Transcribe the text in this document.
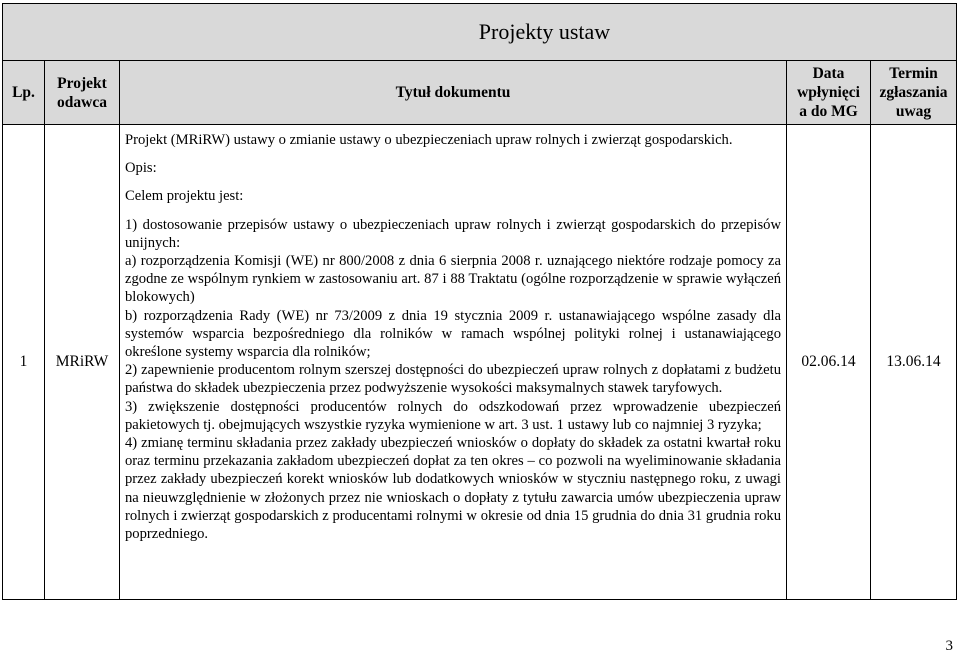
Projekty ustaw
Lp.
Projekt odawca
Tytuł dokumentu
Data wpłynięci a do MG
Termin zgłaszania uwag
1 MRiRW

Projekt (MRiRW) ustawy o zmianie ustawy o ubezpieczeniach upraw rolnych i zwierząt gospodarskich.

Opis:

Celem projektu jest:

1) dostosowanie przepisów ustawy o ubezpieczeniach upraw rolnych i zwierząt gospodarskich do przepisów unijnych:

a) rozporządzenia Komisji (WE) nr 800/2008 z dnia 6 sierpnia 2008 r. uznającego niektóre rodzaje pomocy za zgodne ze wspólnym rynkiem w zastosowaniu art. 87 i 88 Traktatu (ogólne rozporządzenie w sprawie wyłączeń blokowych)

b) rozporządzenia Rady (WE) nr 73/2009 z dnia 19 stycznia 2009 r. ustanawiającego wspólne zasady dla systemów wsparcia bezpośredniego dla rolników w ramach wspólnej polityki rolnej i ustanawiającego określone systemy wsparcia dla rolników;

2) zapewnienie producentom rolnym szerszej dostępności do ubezpieczeń upraw rolnych z dopłatami z budżetu państwa do składek ubezpieczenia przez podwyższenie wysokości maksymalnych stawek taryfowych.

3) zwiększenie dostępności producentów rolnych do odszkodowań przez wprowadzenie ubezpieczeń pakietowych tj. obejmujących wszystkie ryzyka wymienione w art. 3 ust. 1 ustawy lub co najmniej 3 ryzyka;

4) zmianę terminu składania przez zakłady ubezpieczeń wniosków o dopłaty do składek za ostatni kwartał roku oraz terminu przekazania zakładom ubezpieczeń dopłat za ten okres – co pozwoli na wyeliminowanie składania przez zakłady ubezpieczeń korekt wniosków lub dodatkowych wniosków w styczniu następnego roku, z uwagi na nieuwzględnienie w złożonych przez nie wnioskach o dopłaty z tytułu zawarcia umów ubezpieczenia upraw rolnych i zwierząt gospodarskich z producentami rolnymi w okresie od dnia 15 grudnia do dnia 31 grudnia roku poprzedniego.

02.06.14 13.06.14
3
